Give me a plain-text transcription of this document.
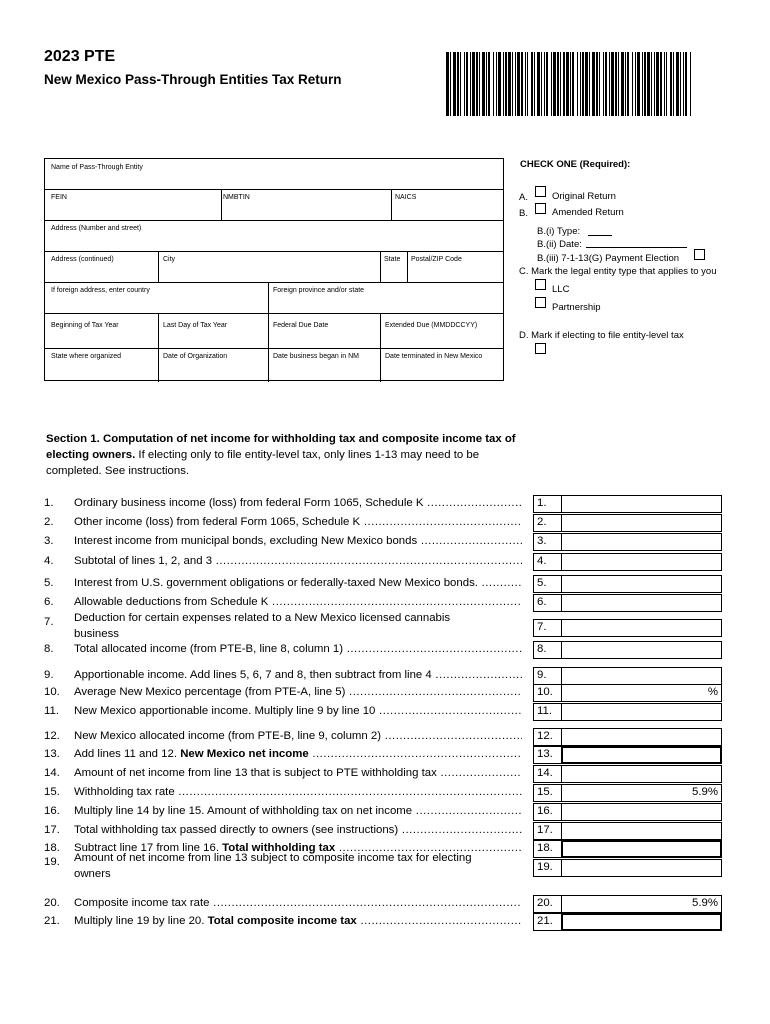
2023 PTE
New Mexico Pass-Through Entities Tax Return
Name of Pass-Through Entity
FEIN	NMBTIN	NAICS
Address (Number and street)
Address (continued)	City	State Postal/ZIP Code
If foreign address, enter country	Foreign province and/or state
Beginning of Tax Year	Last Day of Tax Year	Federal Due Date	Extended Due (MMDDCCYY)
State where organized	Date of Organization	Date business began in NM	Date terminated in New Mexico
CHECK ONE (Required):
A.	Original Return
B.	Amended Return
B.(i) Type:
B.(ii) Date:
B.(iii) 7-1-13(G) Payment Election
C. Mark the legal entity type that applies to you
LLC
Partnership
D. Mark if electing to file entity-level tax
Section 1. Computation of net income for withholding tax and composite income tax of electing owners. If electing only to file entity-level tax, only lines 1-13 may need to be completed. See instructions.
1. Ordinary business income (loss) from federal Form 1065, Schedule K .....	1.
2. Other income (loss) from federal Form 1065, Schedule K .....	2.
3. Interest income from municipal bonds, excluding New Mexico bonds .....	3.
4. Subtotal of lines 1, 2, and 3 .....	4.
5. Interest from U.S. government obligations or federally-taxed New Mexico bonds. .....	5.
6. Allowable deductions from Schedule K .....	6.
7. Deduction for certain expenses related to a New Mexico licensed cannabis
business
7.
8. Total allocated income (from PTE-B, line 8, column 1) .....	8.
9. Apportionable income. Add lines 5, 6, 7 and 8, then subtract from line 4 .....	9.
10. Average New Mexico percentage (from PTE-A, line 5) .....	10.	%
11. New Mexico apportionable income. Multiply line 9 by line 10 .....	11.
12. New Mexico allocated income (from PTE-B, line 9, column 2) .....	12.
13. Add lines 11 and 12. New Mexico net income .....	13.
14. Amount of net income from line 13 that is subject to PTE withholding tax .....	14.
15. Withholding tax rate .....	15.	5.9%
16. Multiply line 14 by line 15. Amount of withholding tax on net income .....	16.
17. Total withholding tax passed directly to owners (see instructions) .....	17.
18. Subtract line 17 from line 16. Total withholding tax .....	18.
19. Amount of net income from line 13 subject to composite income tax for electing
owners
19.
20. Composite income tax rate .....	20.	5.9%
21. Multiply line 19 by line 20. Total composite income tax .....	21.
